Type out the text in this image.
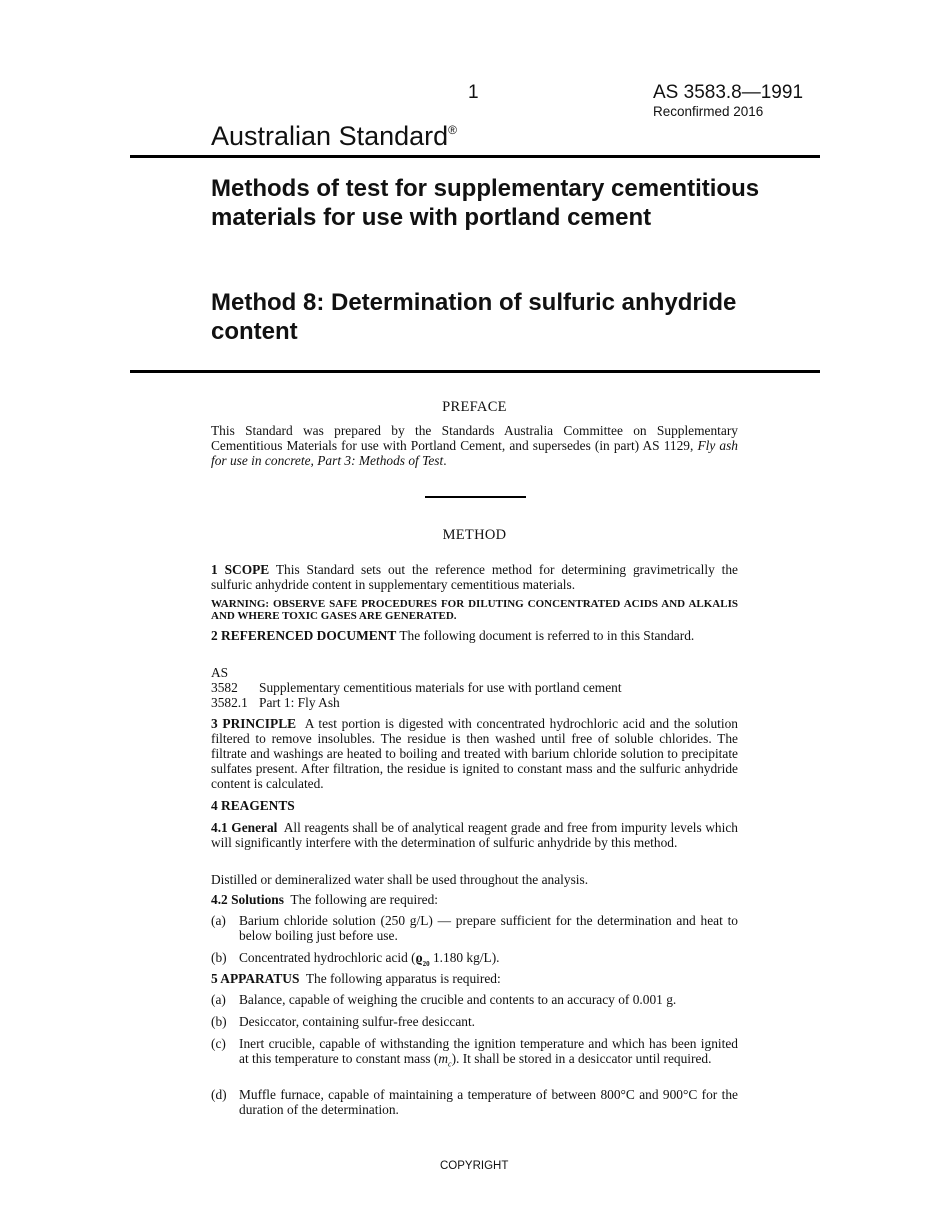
1	AS 3583.8—1991
Reconfirmed 2016
Australian Standard®
Methods of test for supplementary cementitious materials for use with portland cement
Method 8: Determination of sulfuric anhydride content
PREFACE
This Standard was prepared by the Standards Australia Committee on Supplementary Cementitious Materials for use with Portland Cement, and supersedes (in part) AS 1129, Fly ash for use in concrete, Part 3: Methods of Test.
METHOD
1 SCOPE This Standard sets out the reference method for determining gravimetrically the sulfuric anhydride content in supplementary cementitious materials.
WARNING: OBSERVE SAFE PROCEDURES FOR DILUTING CONCENTRATED ACIDS AND ALKALIS AND WHERE TOXIC GASES ARE GENERATED.
2 REFERENCED DOCUMENT The following document is referred to in this Standard.
AS
3582 Supplementary cementitious materials for use with portland cement
3582.1 Part 1: Fly Ash
3 PRINCIPLE A test portion is digested with concentrated hydrochloric acid and the solution filtered to remove insolubles. The residue is then washed until free of soluble chlorides. The filtrate and washings are heated to boiling and treated with barium chloride solution to precipitate sulfates present. After filtration, the residue is ignited to constant mass and the sulfuric anhydride content is calculated.
4 REAGENTS
4.1 General All reagents shall be of analytical reagent grade and free from impurity levels which will significantly interfere with the determination of sulfuric anhydride by this method.
Distilled or demineralized water shall be used throughout the analysis.
4.2 Solutions The following are required:
(a) Barium chloride solution (250 g/L) — prepare sufficient for the determination and heat to below boiling just before use.
(b) Concentrated hydrochloric acid ($ϱ_{20}$ 1.180 kg/L).
5 APPARATUS The following apparatus is required:
(a) Balance, capable of weighing the crucible and contents to an accuracy of 0.001 g.
(b) Desiccator, containing sulfur-free desiccant.
(c) Inert crucible, capable of withstanding the ignition temperature and which has been ignited at this temperature to constant mass $(m_c)$. It shall be stored in a desiccator until required.
(d) Muffle furnace, capable of maintaining a temperature of between 800°C and 900°C for the duration of the determination.
COPYRIGHT
